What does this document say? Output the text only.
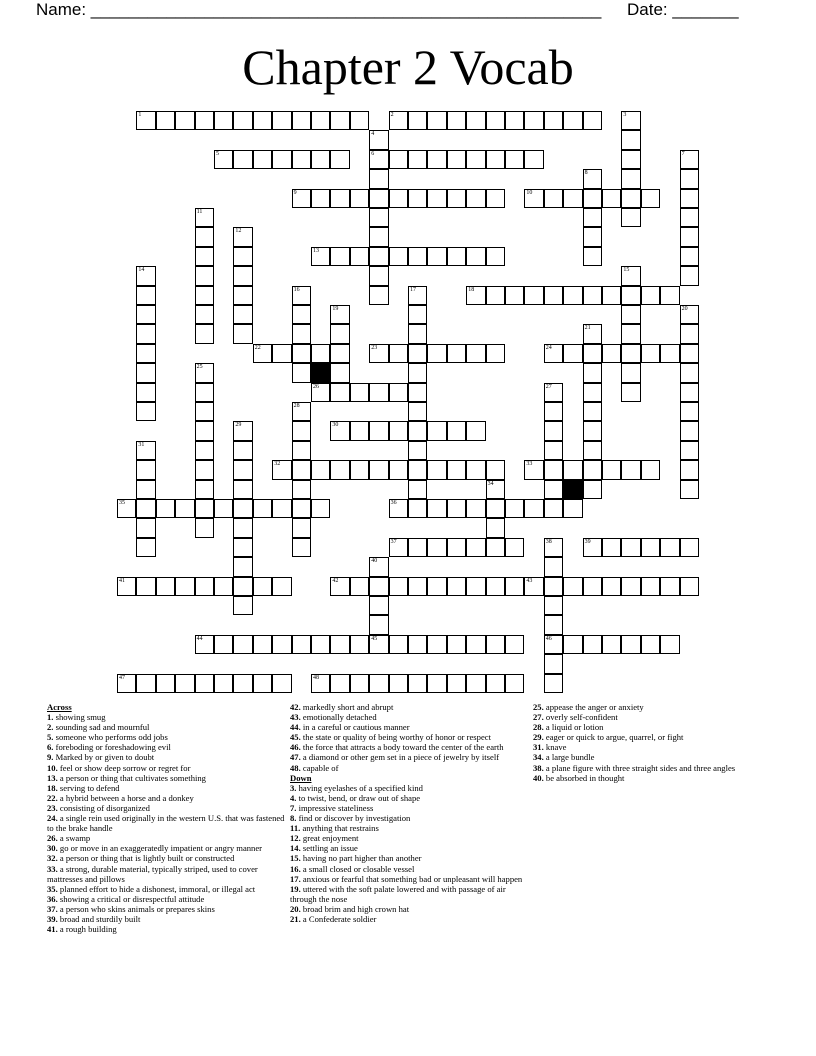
Name: ______________________________________________________ Date: _______
Chapter 2 Vocab
1	2
5	6
9	10
13
18
22	23	24
26
30
32	33
35	36
37	39
41	42	43
44	45	46
47	48
3
4
7
8
11
12
14	15
16	17
19	20
21
25
27
28
29
31
34
38
40
Across
1. showing smug
2. sounding sad and mournful
5. someone who performs odd jobs
6. foreboding or foreshadowing evil
9. Marked by or given to doubt
10. feel or show deep sorrow or regret for
13. a person or thing that cultivates something
18. serving to defend
22. a hybrid between a horse and a donkey
23. consisting of disorganized
24. a single rein used originally in the western U.S. that was fastened to the brake handle
26. a swamp
30. go or move in an exaggeratedly impatient or angry manner
32. a person or thing that is lightly built or constructed
33. a strong, durable material, typically striped, used to cover mattresses and pillows
35. planned effort to hide a dishonest, immoral, or illegal act
36. showing a critical or disrespectful attitude
37. a person who skins animals or prepares skins
39. broad and sturdily built
41. a rough building
42. markedly short and abrupt
43. emotionally detached
44. in a careful or cautious manner
45. the state or quality of being worthy of honor or respect
46. the force that attracts a body toward the center of the earth
47. a diamond or other gem set in a piece of jewelry by itself
48. capable of
Down
3. having eyelashes of a specified kind
4. to twist, bend, or draw out of shape
7. impressive stateliness
8. find or discover by investigation
11. anything that restrains
12. great enjoyment
14. settling an issue
15. having no part higher than another
16. a small closed or closable vessel
17. anxious or fearful that something bad or unpleasant will happen
19. uttered with the soft palate lowered and with passage of air through the nose
20. broad brim and high crown hat
21. a Confederate soldier
25. appease the anger or anxiety
27. overly self-confident
28. a liquid or lotion
29. eager or quick to argue, quarrel, or fight
31. knave
34. a large bundle
38. a plane figure with three straight sides and three angles
40. be absorbed in thought
